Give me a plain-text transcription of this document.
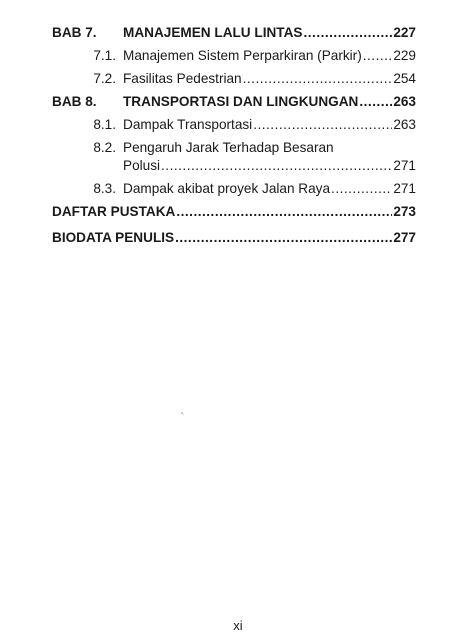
BAB 7.	MANAJEMEN LALU LINTAS .....	227
7.1. Manajemen Sistem Perparkiran (Parkir) ..... 229
7.2. Fasilitas Pedestrian .....	254
BAB 8.	TRANSPORTASI DAN LINGKUNGAN .....	263
8.1. Dampak Transportasi .....	263
8.2. Pengaruh Jarak Terhadap Besaran
Polusi .....	271
8.3. Dampak akibat proyek Jalan Raya .....	271
DAFTAR PUSTAKA .....	273
BIODATA PENULIS .....	277
xi
